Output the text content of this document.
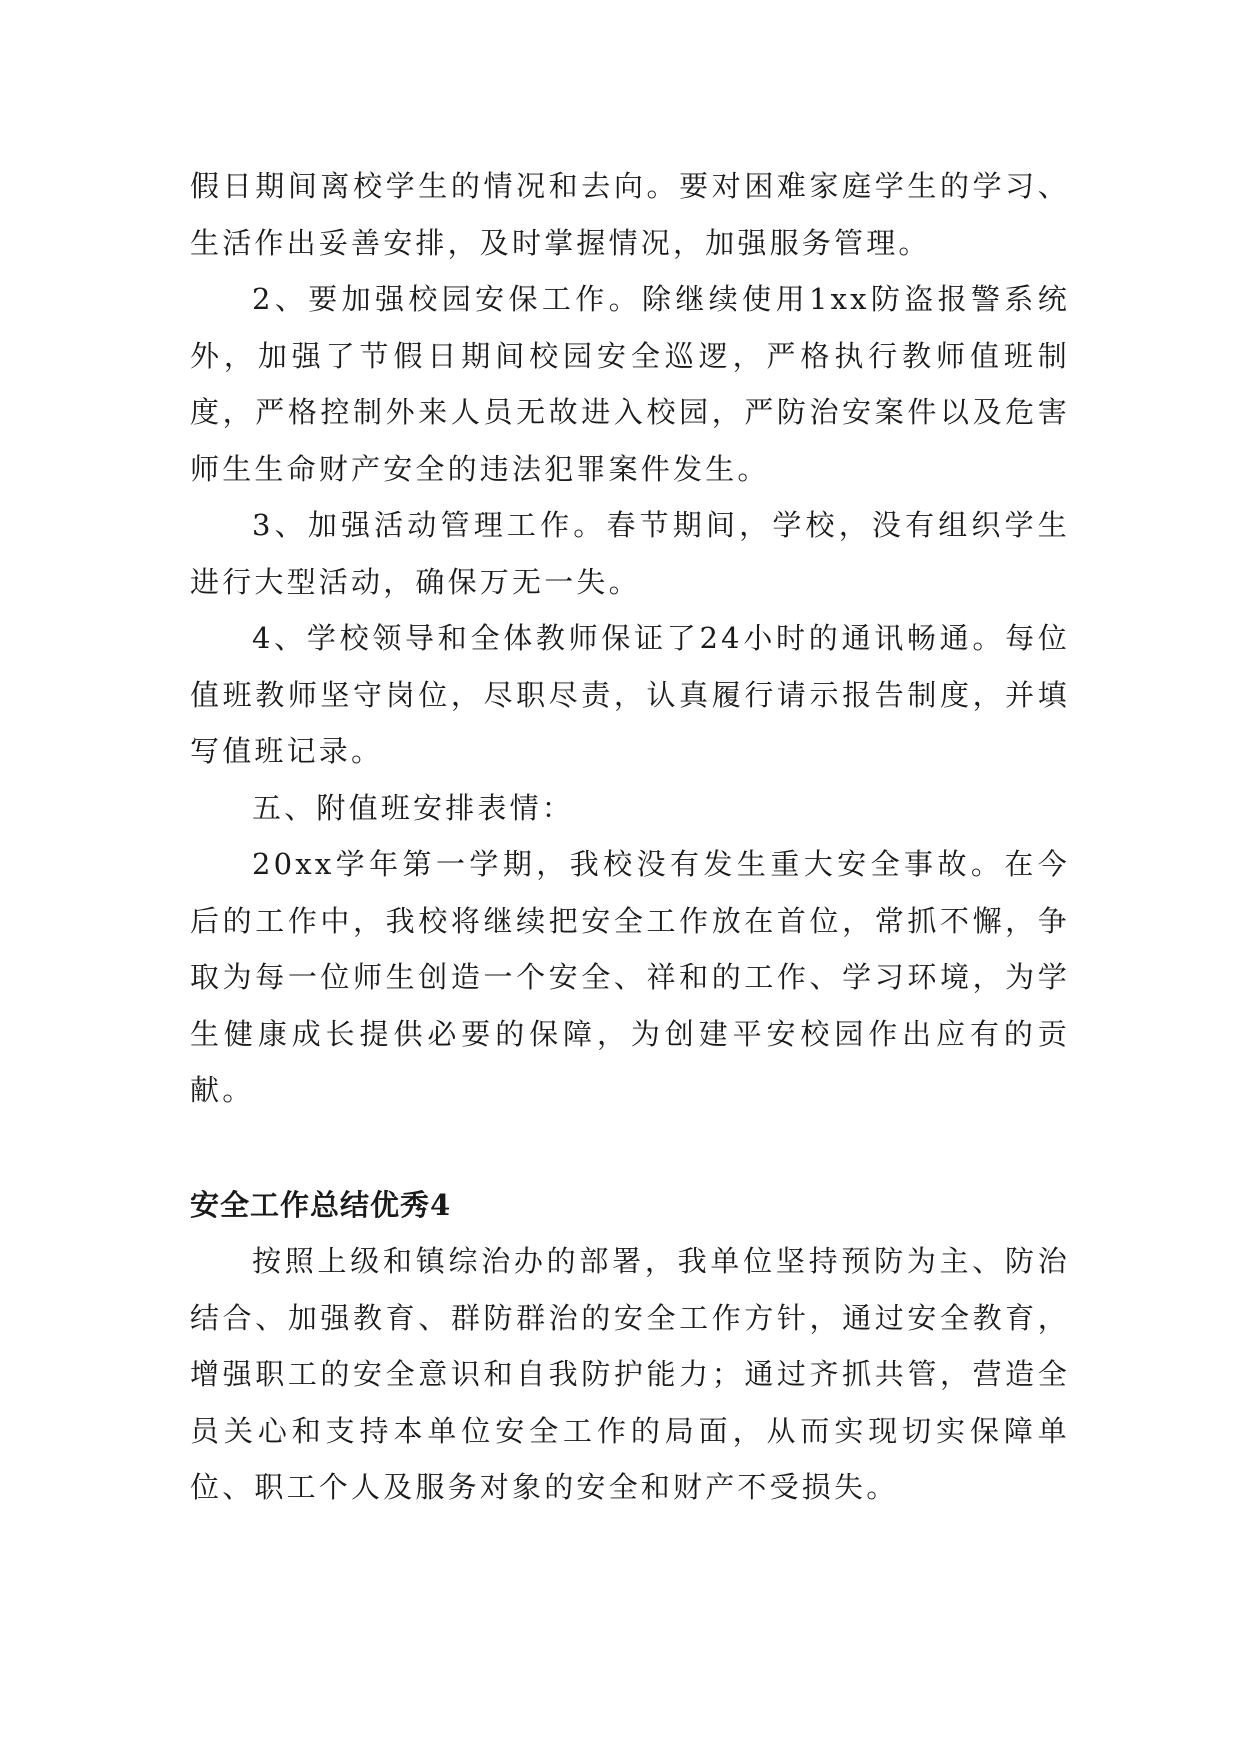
假日期间离校学生的情况和去向。要对困难家庭学生的学习、生活作出妥善安排，及时掌握情况，加强服务管理。

2、要加强校园安保工作。除继续使用1xx防盗报警系统外，加强了节假日期间校园安全巡逻，严格执行教师值班制度，严格控制外来人员无故进入校园，严防治安案件以及危害师生生命财产安全的违法犯罪案件发生。

3、加强活动管理工作。春节期间，学校，没有组织学生进行大型活动，确保万无一失。

4、学校领导和全体教师保证了24小时的通讯畅通。每位值班教师坚守岗位，尽职尽责，认真履行请示报告制度，并填写值班记录。

五、附值班安排表情：

20xx学年第一学期，我校没有发生重大安全事故。在今后的工作中，我校将继续把安全工作放在首位，常抓不懈，争取为每一位师生创造一个安全、祥和的工作、学习环境，为学生健康成长提供必要的保障，为创建平安校园作出应有的贡献。

安全工作总结优秀4

按照上级和镇综治办的部署，我单位坚持预防为主、防治结合、加强教育、群防群治的安全工作方针，通过安全教育，增强职工的安全意识和自我防护能力；通过齐抓共管，营造全员关心和支持本单位安全工作的局面，从而实现切实保障单位、职工个人及服务对象的安全和财产不受损失。
